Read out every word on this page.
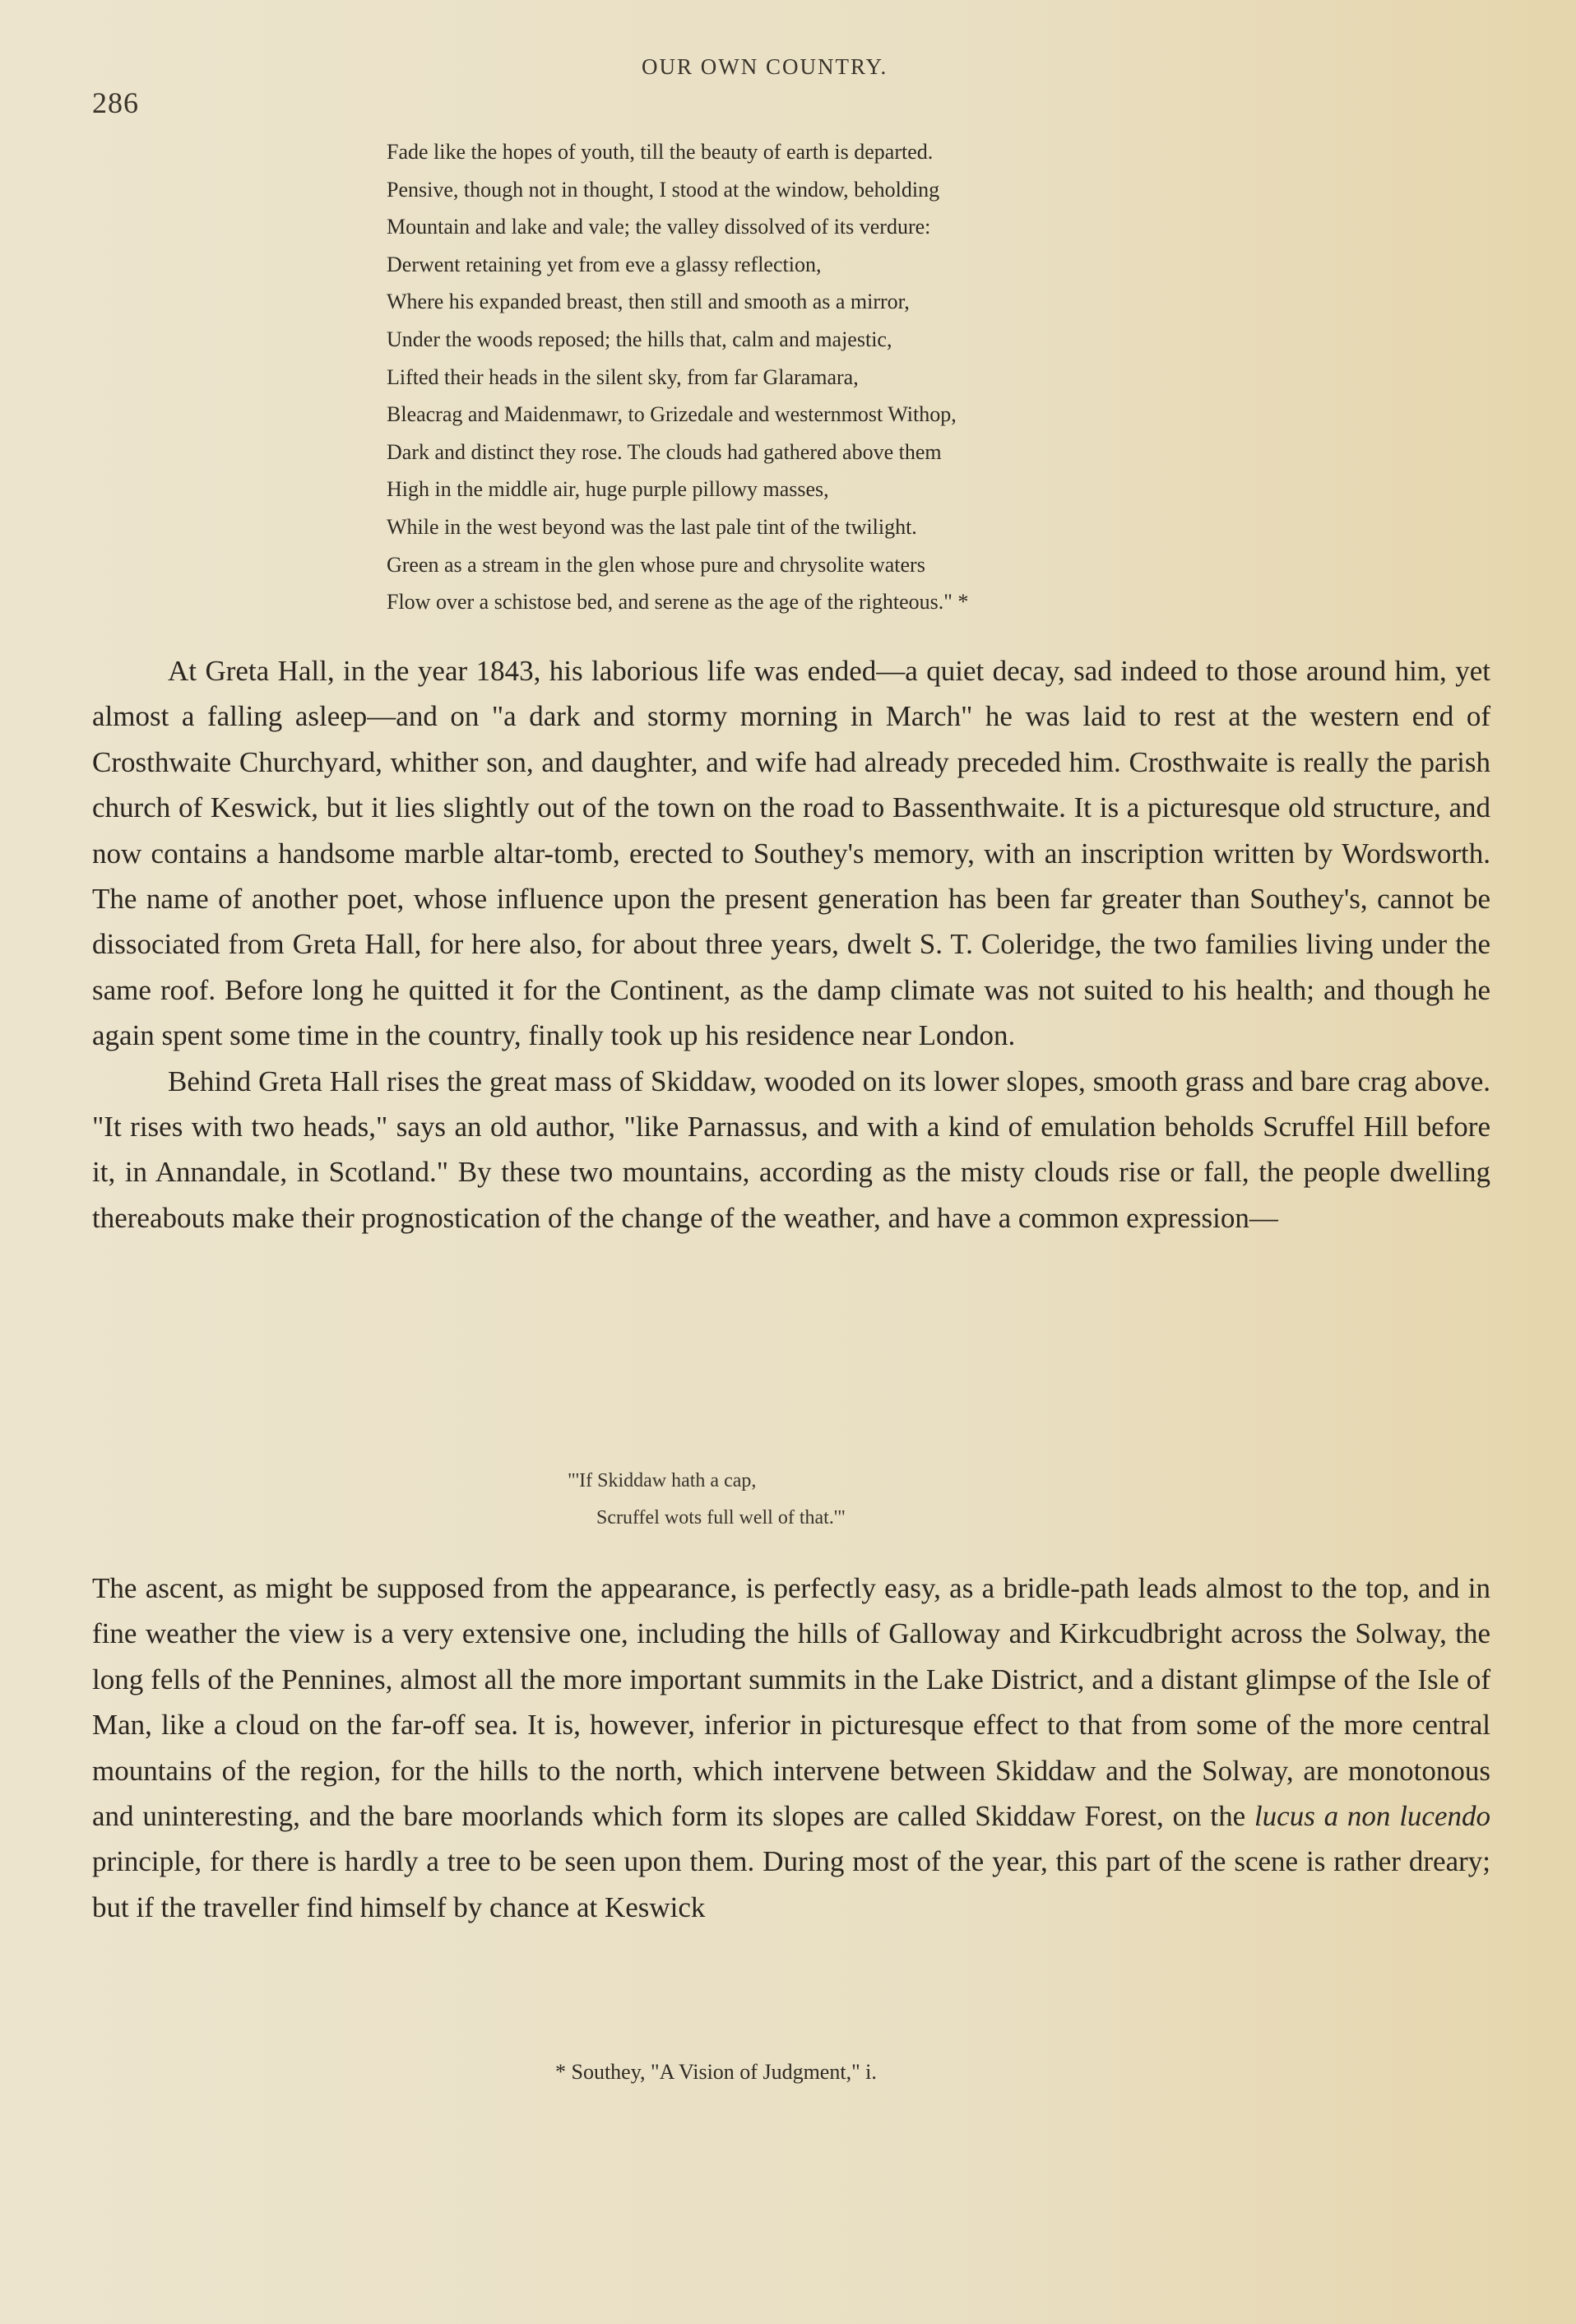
286
OUR OWN COUNTRY.
Fade like the hopes of youth, till the beauty of earth is departed.
Pensive, though not in thought, I stood at the window, beholding
Mountain and lake and vale; the valley dissolved of its verdure:
Derwent retaining yet from eve a glassy reflection,
Where his expanded breast, then still and smooth as a mirror,
Under the woods reposed; the hills that, calm and majestic,
Lifted their heads in the silent sky, from far Glaramara,
Bleacrag and Maidenmawr, to Grizedale and westernmost Withop,
Dark and distinct they rose. The clouds had gathered above them
High in the middle air, huge purple pillowy masses,
While in the west beyond was the last pale tint of the twilight.
Green as a stream in the glen whose pure and chrysolite waters
Flow over a schistose bed, and serene as the age of the righteous." *

At Greta Hall, in the year 1843, his laborious life was ended—a quiet decay, sad indeed to those around him, yet almost a falling asleep—and on "a dark and stormy morning in March" he was laid to rest at the western end of Crosthwaite Churchyard, whither son, and daughter, and wife had already preceded him. Crosthwaite is really the parish church of Keswick, but it lies slightly out of the town on the road to Bassenthwaite. It is a picturesque old structure, and now contains a handsome marble altar-tomb, erected to Southey's memory, with an inscription written by Wordsworth. The name of another poet, whose influence upon the present generation has been far greater than Southey's, cannot be dissociated from Greta Hall, for here also, for about three years, dwelt S. T. Coleridge, the two families living under the same roof. Before long he quitted it for the Continent, as the damp climate was not suited to his health; and though he again spent some time in the country, finally took up his residence near London.

Behind Greta Hall rises the great mass of Skiddaw, wooded on its lower slopes, smooth grass and bare crag above. "It rises with two heads," says an old author, "like Parnassus, and with a kind of emulation beholds Scruffel Hill before it, in Annandale, in Scotland." By these two mountains, according as the misty clouds rise or fall, the people dwelling thereabouts make their prognostication of the change of the weather, and have a common expression—

"'If Skiddaw hath a cap,
Scruffel wots full well of that.'"

The ascent, as might be supposed from the appearance, is perfectly easy, as a bridle-path leads almost to the top, and in fine weather the view is a very extensive one, including the hills of Galloway and Kirkcudbright across the Solway, the long fells of the Pennines, almost all the more important summits in the Lake District, and a distant glimpse of the Isle of Man, like a cloud on the far-off sea. It is, however, inferior in picturesque effect to that from some of the more central mountains of the region, for the hills to the north, which intervene between Skiddaw and the Solway, are monotonous and uninteresting, and the bare moorlands which form its slopes are called Skiddaw Forest, on the lucus a non lucendo principle, for there is hardly a tree to be seen upon them. During most of the year, this part of the scene is rather dreary; but if the traveller find himself by chance at Keswick

* Southey, "A Vision of Judgment," i.
